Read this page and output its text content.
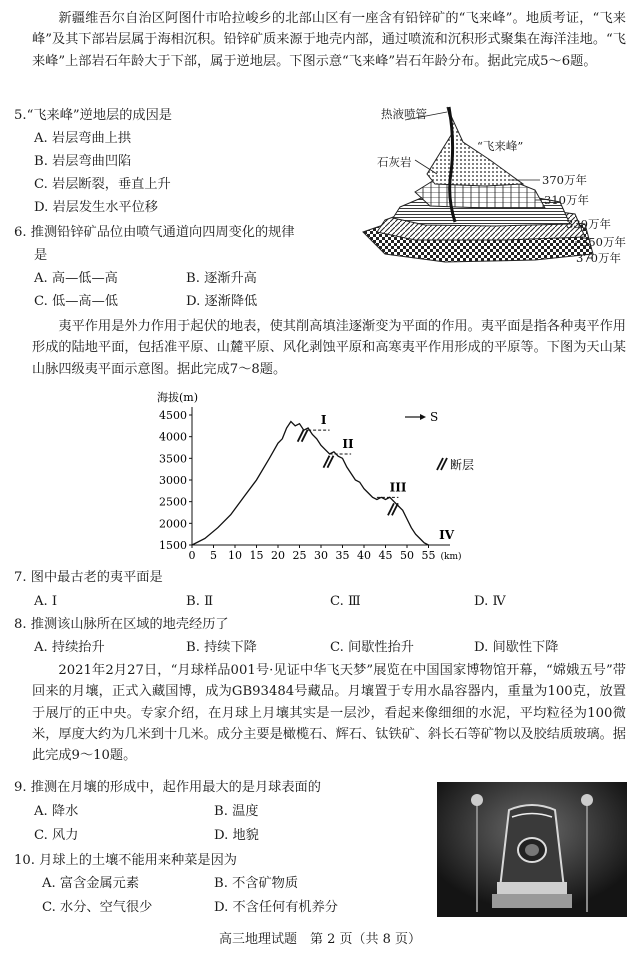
新疆维吾尔自治区阿图什市哈拉峻乡的北部山区有一座含有铅锌矿的“飞来峰”。地质考证，“飞来峰”及其下部岩层属于海相沉积。铅锌矿质来源于地壳内部，通过喷流和沉积形式聚集在海洋洼地。“飞来峰”上部岩石年龄大于下部，属于逆地层。下图示意“飞来峰”岩石年龄分布。据此完成5～6题。
5.“飞来峰”逆地层的成因是
A. 岩层弯曲上拱
B. 岩层弯曲凹陷
C. 岩层断裂，垂直上升
D. 岩层发生水平位移
6. 推测铅锌矿品位由喷气通道向四周变化的规律
是
A. 高—低—高	B. 逐渐升高
C. 低—高—低	D. 逐渐降低
热液喷管
“飞来峰”
石灰岩
370万年
310万年
330万年
350万年
370万年
夷平作用是外力作用于起伏的地表，使其削高填洼逐渐变为平面的作用。夷平面是指各种夷平作用形成的陆地平面，包括准平原、山麓平原、风化剥蚀平原和高寒夷平作用形成的平原等。下图为天山某山脉四级夷平面示意图。据此完成7～8题。
海拔(m)
1500
2000
2500
3000
3500
4000
4500
0 5 10 15 20 25 30 35 40 45 50 55 (km)
I
II
III
IV
S
断层
7. 图中最古老的夷平面是
A. Ⅰ	B. Ⅱ	C. Ⅲ	D. Ⅳ
8. 推测该山脉所在区域的地壳经历了
A. 持续抬升	B. 持续下降	C. 间歇性抬升	D. 间歇性下降
2021年2月27日，“月球样品001号·见证中华飞天梦”展览在中国国家博物馆开幕，“嫦娥五号”带回来的月壤，正式入藏国博，成为GB93484号藏品。月壤置于专用水晶容器内，重量为100克，放置于展厅的正中央。专家介绍，在月球上月壤其实是一层沙，看起来像细细的水泥，平均粒径为100微米，厚度大约为几米到十几米。成分主要是橄榄石、辉石、钛铁矿、斜长石等矿物以及胶结质玻璃。据此完成9～10题。
9. 推测在月壤的形成中，起作用最大的是月球表面的
A. 降水	B. 温度
C. 风力	D. 地貌
10. 月球上的土壤不能用来种菜是因为
A. 富含金属元素	B. 不含矿物质
C. 水分、空气很少	D. 不含任何有机养分
高三地理试题　第 2 页（共 8 页）
